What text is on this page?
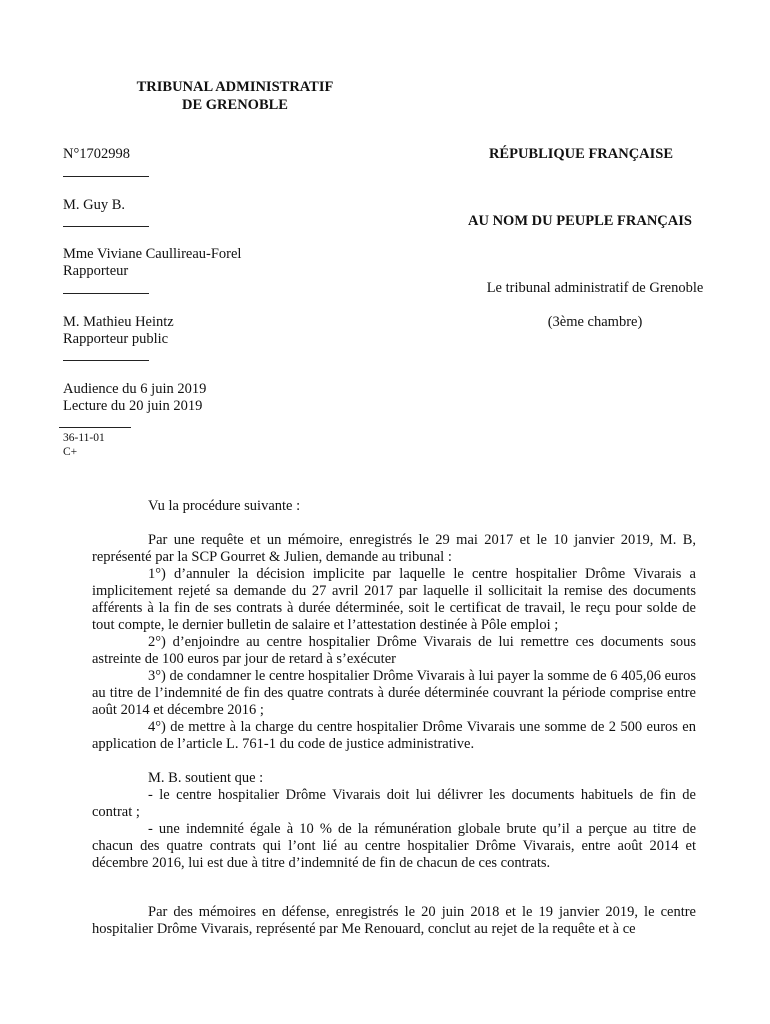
TRIBUNAL ADMINISTRATIF
DE GRENOBLE
N°1702998
M. Guy B.
Mme Viviane Caullireau-Forel
Rapporteur
M. Mathieu Heintz
Rapporteur public
Audience du 6 juin 2019
Lecture du 20 juin 2019
36-11-01
C+
RÉPUBLIQUE FRANÇAISE
AU NOM DU PEUPLE FRANÇAIS
Le tribunal administratif de Grenoble
(3ème chambre)

Vu la procédure suivante :

Par une requête et un mémoire, enregistrés le 29 mai 2017 et le 10 janvier 2019, M. B, représenté par la SCP Gourret & Julien, demande au tribunal :

1°) d’annuler la décision implicite par laquelle le centre hospitalier Drôme Vivarais a implicitement rejeté sa demande du 27 avril 2017 par laquelle il sollicitait la remise des documents afférents à la fin de ses contrats à durée déterminée, soit le certificat de travail, le reçu pour solde de tout compte, le dernier bulletin de salaire et l’attestation destinée à Pôle emploi ;

2°) d’enjoindre au centre hospitalier Drôme Vivarais de lui remettre ces documents sous astreinte de 100 euros par jour de retard à s’exécuter

3°) de condamner le centre hospitalier Drôme Vivarais à lui payer la somme de 6 405,06 euros au titre de l’indemnité de fin des quatre contrats à durée déterminée couvrant la période comprise entre août 2014 et décembre 2016 ;

4°) de mettre à la charge du centre hospitalier Drôme Vivarais une somme de 2 500 euros en application de l’article L. 761-1 du code de justice administrative.

M. B. soutient que :

- le centre hospitalier Drôme Vivarais doit lui délivrer les documents habituels de fin de contrat ;

- une indemnité égale à 10 % de la rémunération globale brute qu’il a perçue au titre de chacun des quatre contrats qui l’ont lié au centre hospitalier Drôme Vivarais, entre août 2014 et décembre 2016, lui est due à titre d’indemnité de fin de chacun de ces contrats.

Par des mémoires en défense, enregistrés le 20 juin 2018 et le 19 janvier 2019, le centre hospitalier Drôme Vivarais, représenté par Me Renouard, conclut au rejet de la requête et à ce
